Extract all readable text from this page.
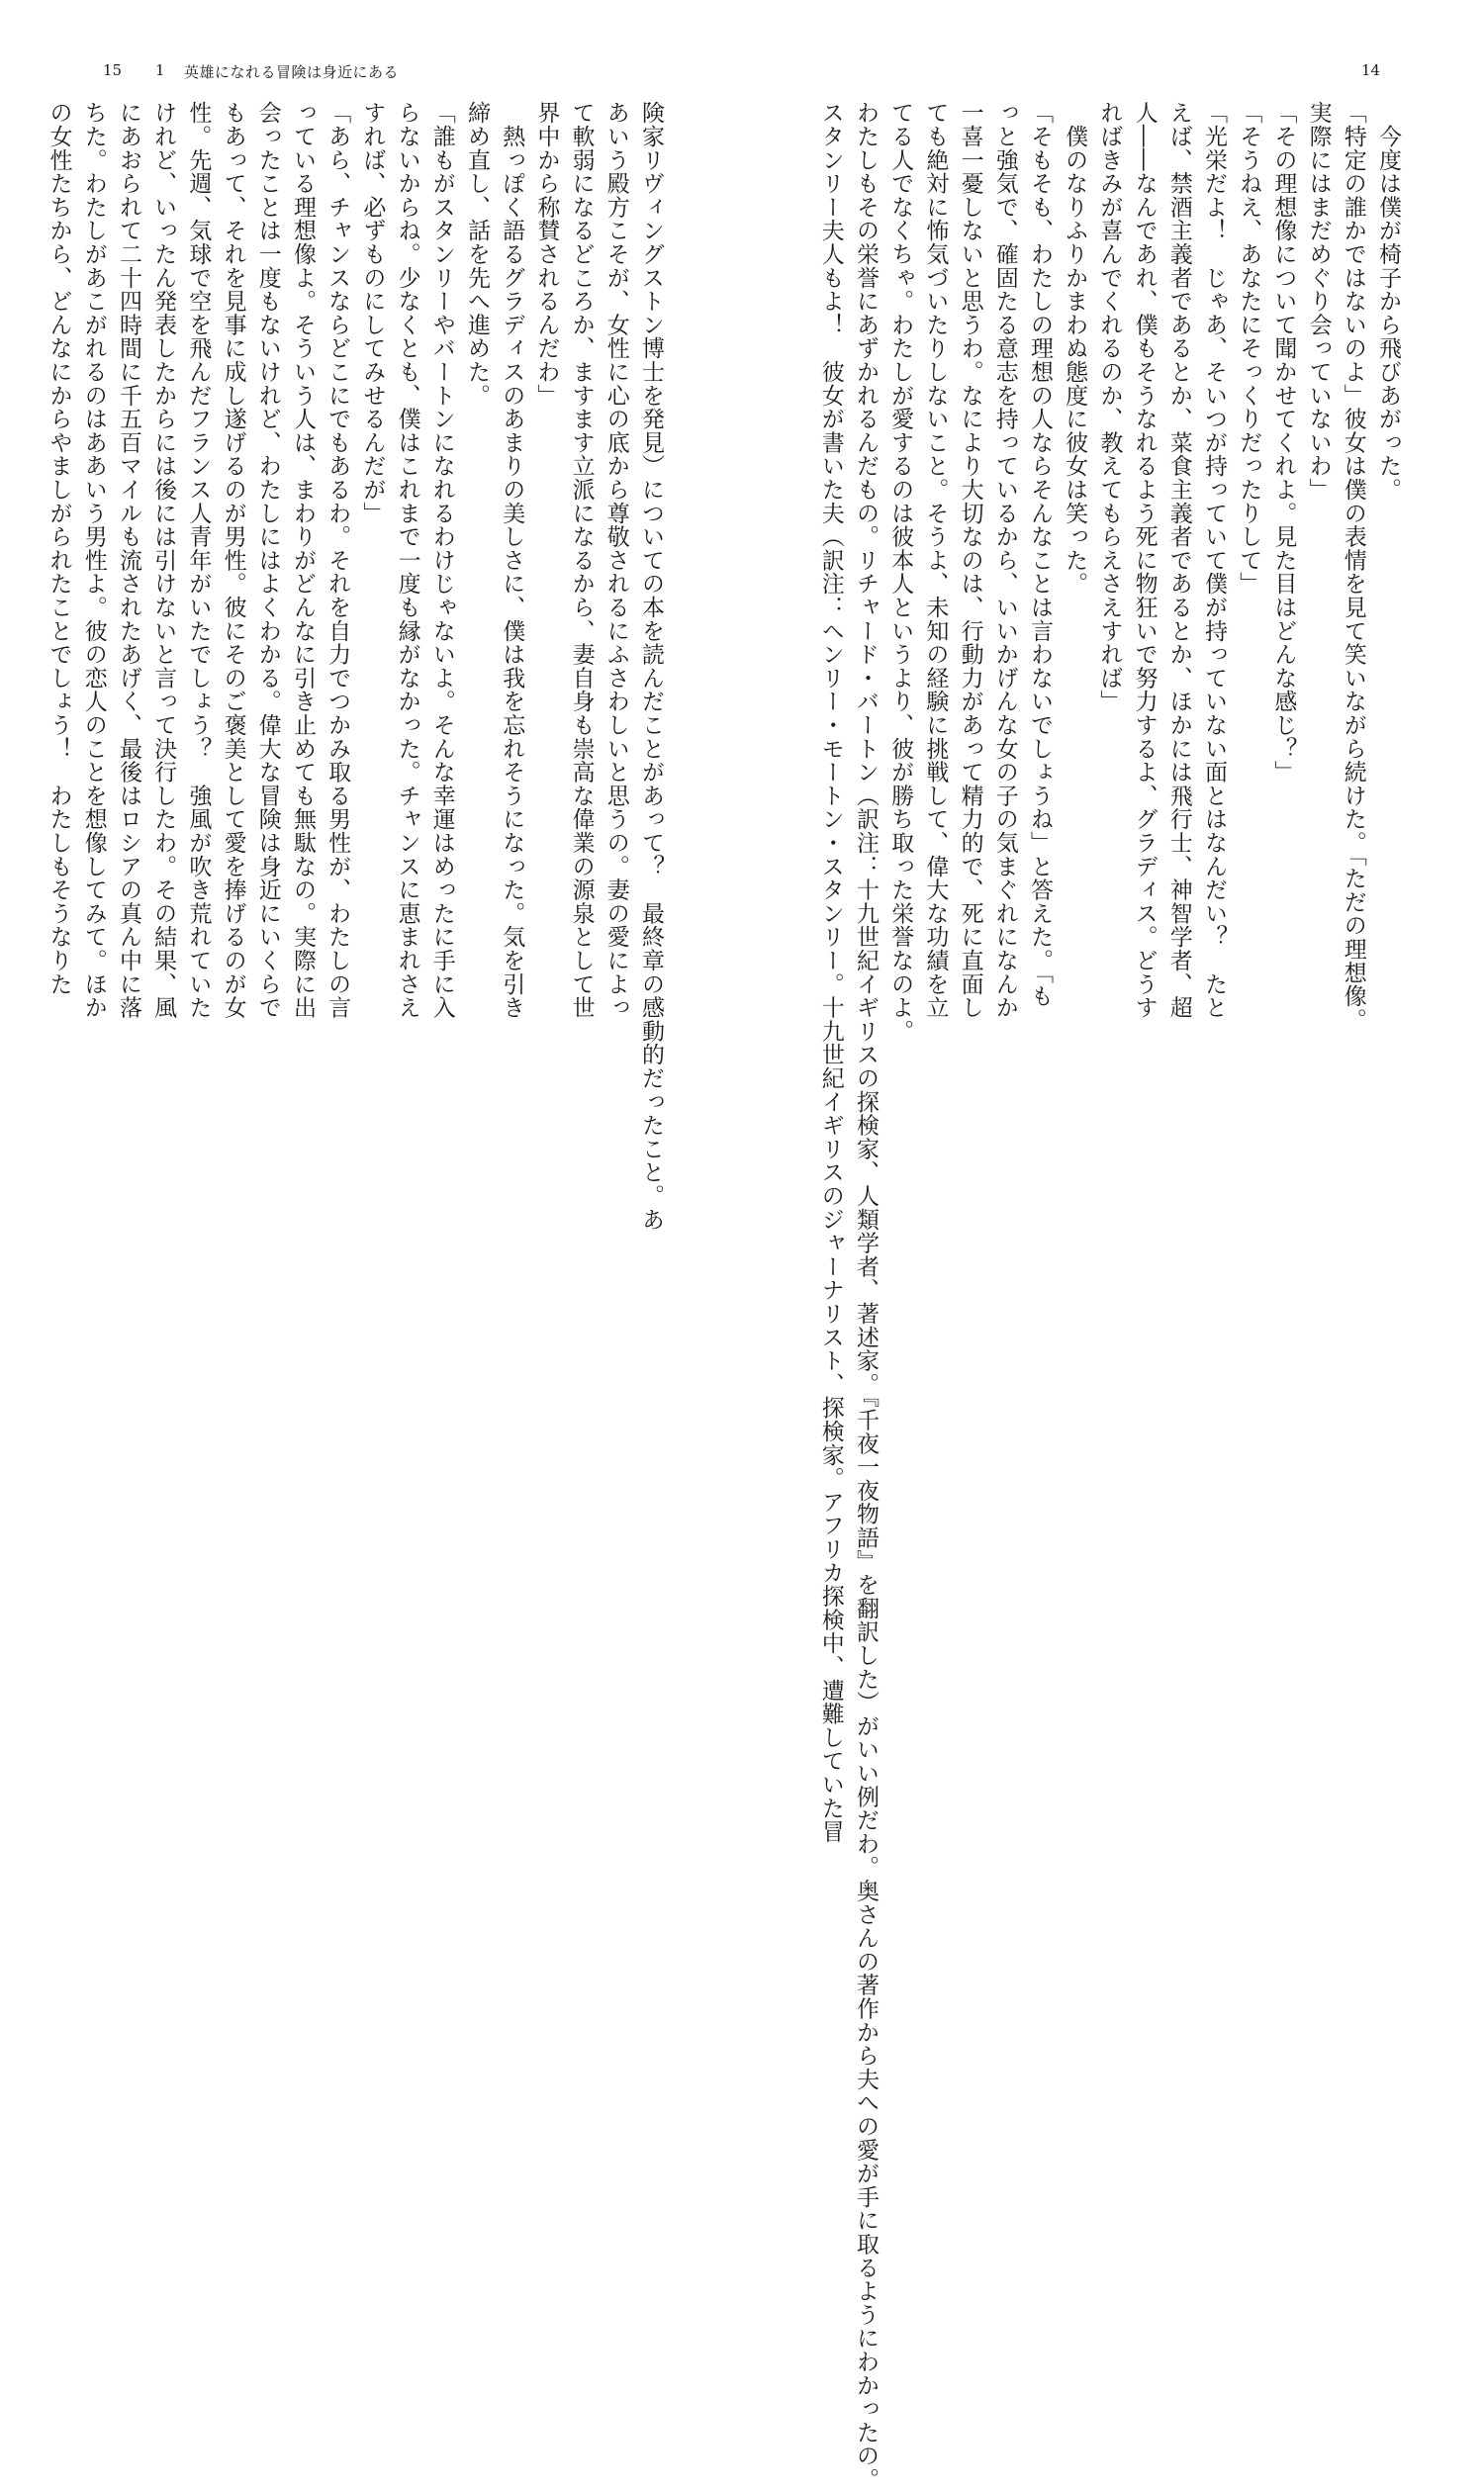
15 1 英雄になれる冒険は身近にある
険家リヴィングストン博士を発見）についての本を読んだことがあって？　最終章の感動的だったこと。あ
あいう殿方こそが、女性に心の底から尊敬されるにふさわしいと思うの。妻の愛によっ
て軟弱になるどころか、ますます立派になるから、妻自身も崇高な偉業の源泉として世
界中から称賛されるんだわ」
　熱っぽく語るグラディスのあまりの美しさに、僕は我を忘れそうになった。気を引き
締め直し、話を先へ進めた。
「誰もがスタンリーやバートンになれるわけじゃないよ。そんな幸運はめったに手に入
らないからね。少なくとも、僕はこれまで一度も縁がなかった。チャンスに恵まれさえ
すれば、必ずものにしてみせるんだが」
「あら、チャンスならどこにでもあるわ。それを自力でつかみ取る男性が、わたしの言
っている理想像よ。そういう人は、まわりがどんなに引き止めても無駄なの。実際に出
会ったことは一度もないけれど、わたしにはよくわかる。偉大な冒険は身近にいくらで
もあって、それを見事に成し遂げるのが男性。彼にそのご褒美として愛を捧げるのが女
性。先週、気球で空を飛んだフランス人青年がいたでしょう？　強風が吹き荒れていた
けれど、いったん発表したからには後には引けないと言って決行したわ。その結果、風
にあおられて二十四時間に千五百マイルも流されたあげく、最後はロシアの真ん中に落
ちた。わたしがあこがれるのはああいう男性よ。彼の恋人のことを想像してみて。ほか
の女性たちから、どんなにからやましがられたことでしょう！　わたしもそうなりた
14
　今度は僕が椅子から飛びあがった。
「特定の誰かではないのよ」彼女は僕の表情を見て笑いながら続けた。「ただの理想像。
実際にはまだめぐり会っていないわ」
「その理想像について聞かせてくれよ。見た目はどんな感じ？」
「そうねえ、あなたにそっくりだったりして」
「光栄だよ！　じゃあ、そいつが持っていて僕が持っていない面とはなんだい？　たと
えば、禁酒主義者であるとか、菜食主義者であるとか、ほかには飛行士、神智学者、超
人――なんであれ、僕もそうなれるよう死に物狂いで努力するよ、グラディス。どうす
ればきみが喜んでくれるのか、教えてもらえさえすれば」
　僕のなりふりかまわぬ態度に彼女は笑った。
「そもそも、わたしの理想の人ならそんなことは言わないでしょうね」と答えた。「も
っと強気で、確固たる意志を持っているから、いいかげんな女の子の気まぐれになんか
一喜一憂しないと思うわ。なにより大切なのは、行動力があって精力的で、死に直面し
ても絶対に怖気づいたりしないこと。そうよ、未知の経験に挑戦して、偉大な功績を立
てる人でなくちゃ。わたしが愛するのは彼本人というより、彼が勝ち取った栄誉なのよ。
わたしもその栄誉にあずかれるんだもの。リチャード・バートン（訳注：十九世紀イギリスの探検家、人類学者、著述家。『千夜一夜物語』を翻訳した）がいい例だわ。奥さんの著作から夫への愛が手に取るようにわかったの。
スタンリー夫人もよ！　彼女が書いた夫（訳注：ヘンリー・モートン・スタンリー。十九世紀イギリスのジャーナリスト、探検家。アフリカ探検中、遭難していた冒
